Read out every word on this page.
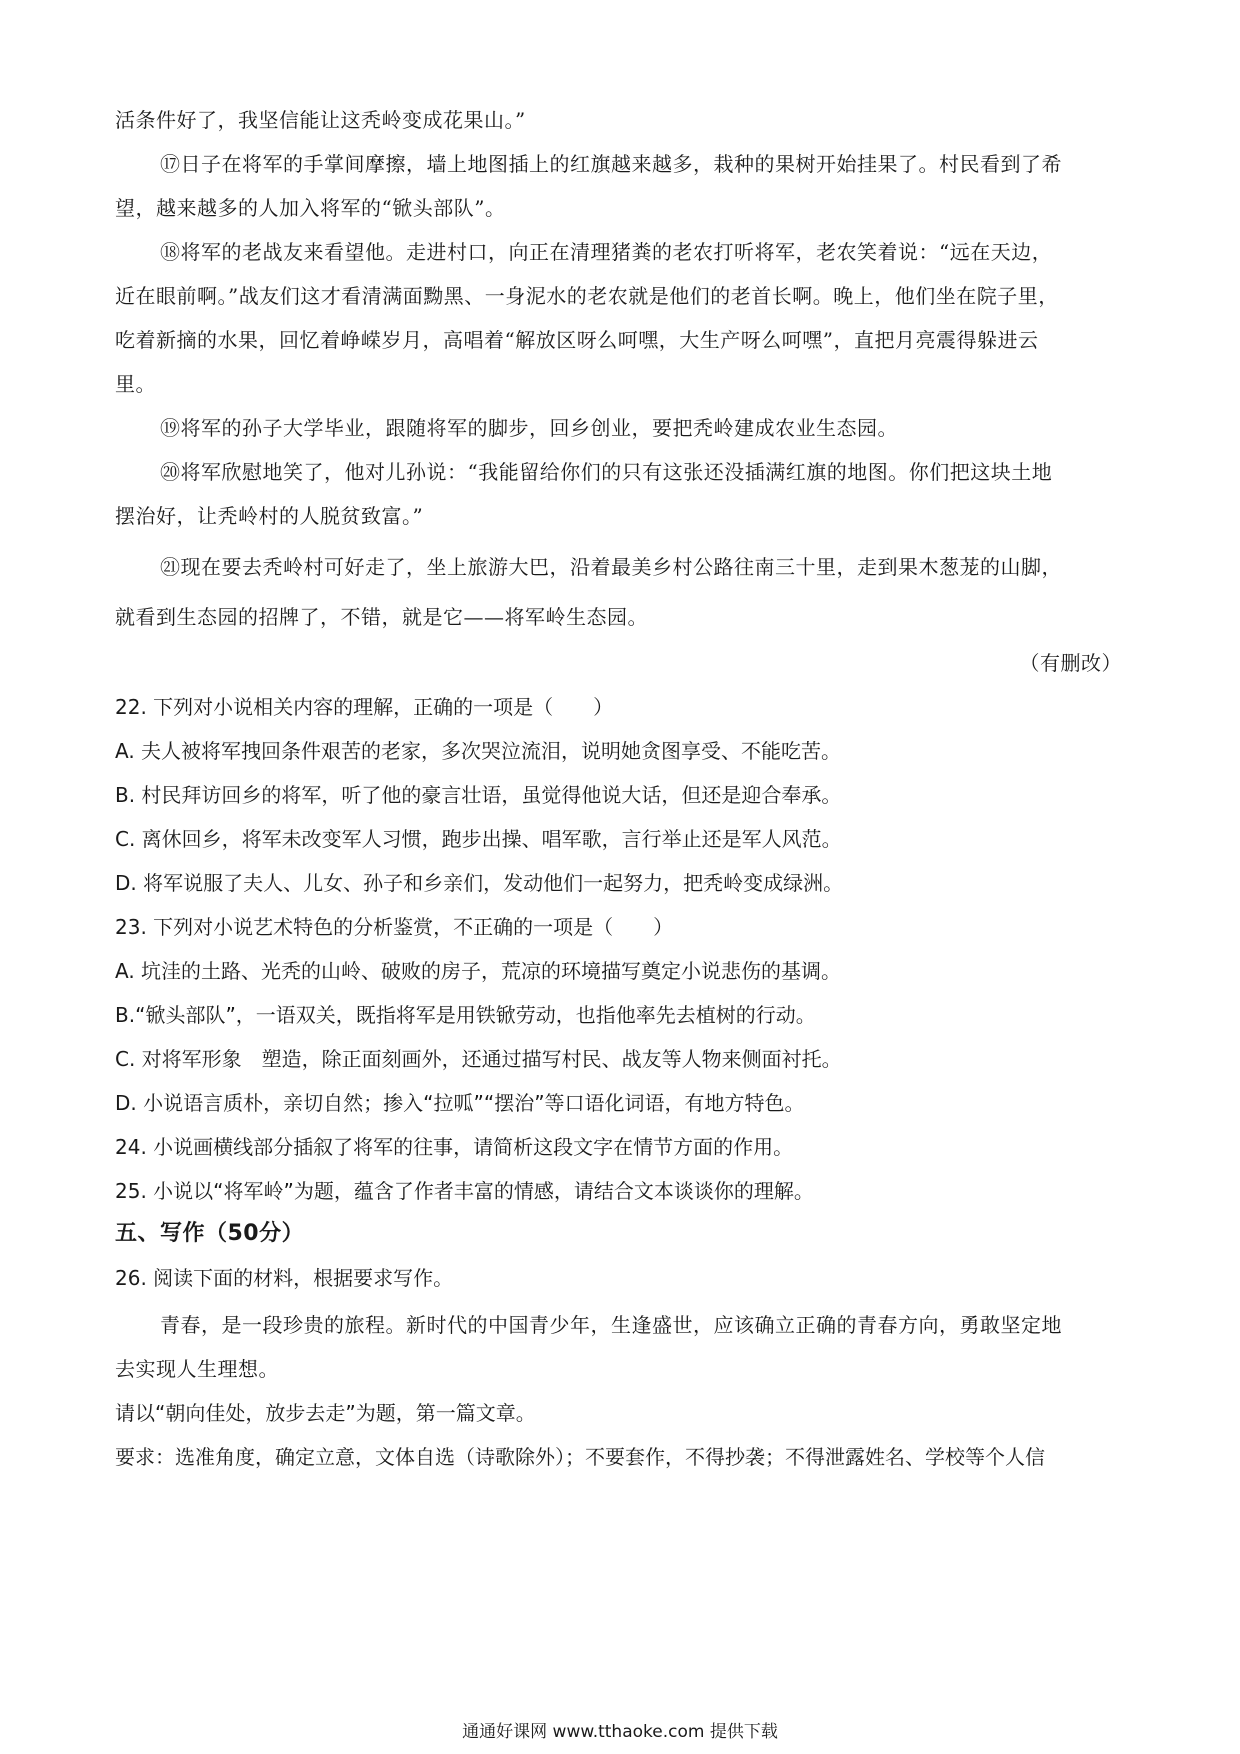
活条件好了，我坚信能让这秃岭变成花果山。”
⑰日子在将军的手掌间摩擦，墙上地图插上的红旗越来越多，栽种的果树开始挂果了。村民看到了希
望，越来越多的人加入将军的“锨头部队”。
⑱将军的老战友来看望他。走进村口，向正在清理猪粪的老农打听将军，老农笑着说：“远在天边，
近在眼前啊。”战友们这才看清满面黝黑、一身泥水的老农就是他们的老首长啊。晚上，他们坐在院子里，
吃着新摘的水果，回忆着峥嵘岁月，高唱着“解放区呀么呵嘿，大生产呀么呵嘿”，直把月亮震得躲进云
里。
⑲将军的孙子大学毕业，跟随将军的脚步，回乡创业，要把秃岭建成农业生态园。
⑳将军欣慰地笑了，他对儿孙说：“我能留给你们的只有这张还没插满红旗的地图。你们把这块土地
摆治好，让秃岭村的人脱贫致富。”
㉑现在要去秃岭村可好走了，坐上旅游大巴，沿着最美乡村公路往南三十里，走到果木葱茏的山脚，
就看到生态园的招牌了，不错，就是它——将军岭生态园。
（有删改）
22. 下列对小说相关内容的理解，正确的一项是（　　）
A. 夫人被将军拽回条件艰苦的老家，多次哭泣流泪，说明她贪图享受、不能吃苦。
B. 村民拜访回乡的将军，听了他的豪言壮语，虽觉得他说大话，但还是迎合奉承。
C. 离休回乡，将军未改变军人习惯，跑步出操、唱军歌，言行举止还是军人风范。
D. 将军说服了夫人、儿女、孙子和乡亲们，发动他们一起努力，把秃岭变成绿洲。
23. 下列对小说艺术特色的分析鉴赏，不正确的一项是（　　）
A. 坑洼的土路、光秃的山岭、破败的房子，荒凉的环境描写奠定小说悲伤的基调。
B.“锨头部队”，一语双关，既指将军是用铁锨劳动，也指他率先去植树的行动。
C. 对将军形象　塑造，除正面刻画外，还通过描写村民、战友等人物来侧面衬托。
D. 小说语言质朴，亲切自然；掺入“拉呱”“摆治”等口语化词语，有地方特色。
24. 小说画横线部分插叙了将军的往事，请简析这段文字在情节方面的作用。
25. 小说以“将军岭”为题，蕴含了作者丰富的情感，请结合文本谈谈你的理解。
五、写作（50分）
26. 阅读下面的材料，根据要求写作。
青春，是一段珍贵的旅程。新时代的中国青少年，生逢盛世，应该确立正确的青春方向，勇敢坚定地
去实现人生理想。
请以“朝向佳处，放步去走”为题，第一篇文章。
要求：选准角度，确定立意，文体自选（诗歌除外）；不要套作，不得抄袭；不得泄露姓名、学校等个人信
通通好课网 www.tthaoke.com 提供下载
